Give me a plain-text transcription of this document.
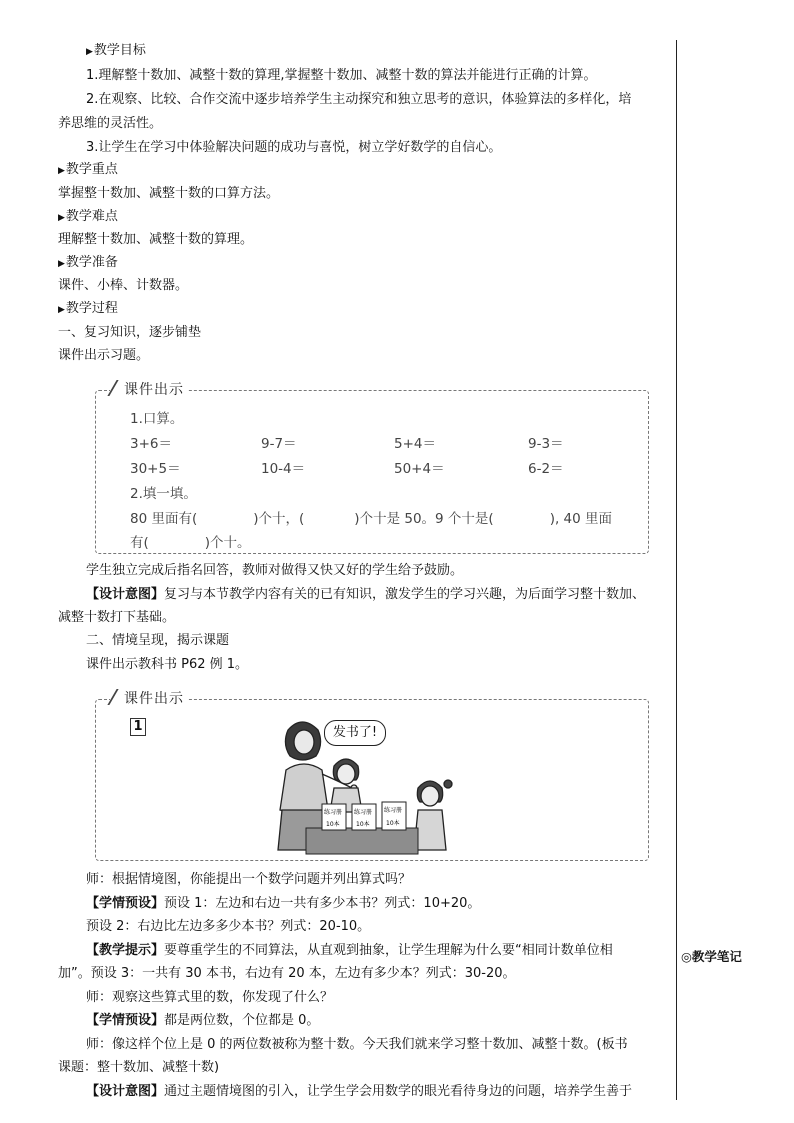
◎教学笔记
▶教学目标
1.理解整十数加、减整十数的算理,掌握整十数加、减整十数的算法并能进行正确的计算。
2.在观察、比较、合作交流中逐步培养学生主动探究和独立思考的意识，体验算法的多样化，培
养思维的灵活性。
3.让学生在学习中体验解决问题的成功与喜悦，树立学好数学的自信心。
▶教学重点
掌握整十数加、减整十数的口算方法。
▶教学难点
理解整十数加、减整十数的算理。
▶教学准备
课件、小棒、计数器。
▶教学过程
一、复习知识，逐步铺垫
课件出示习题。
课件出示
1.口算。
3+6＝	9-7＝	5+4＝	9-3＝
30+5＝	10-4＝	50+4＝	6-2＝
2.填一填。
80 里面有(	)个十，(	)个十是 50。9 个十是(	), 40 里面
有(	)个十。
学生独立完成后指名回答，教师对做得又快又好的学生给予鼓励。
【设计意图】复习与本节教学内容有关的已有知识，激发学生的学习兴趣，为后面学习整十数加、
减整十数打下基础。
二、情境呈现，揭示课题
课件出示教科书 P62 例 1。
课件出示
1
练习册
10本
练习册
10本
练习册
10本
发书了!
师：根据情境图，你能提出一个数学问题并列出算式吗？
【学情预设】预设 1：左边和右边一共有多少本书？列式：10+20。
预设 2：右边比左边多多少本书？列式：20-10。
【教学提示】要尊重学生的不同算法，从直观到抽象，让学生理解为什么要“相同计数单位相
加”。预设 3：一共有 30 本书，右边有 20 本，左边有多少本？列式：30-20。
师：观察这些算式里的数，你发现了什么？
【学情预设】都是两位数，个位都是 0。
师：像这样个位上是 0 的两位数被称为整十数。今天我们就来学习整十数加、减整十数。(板书
课题：整十数加、减整十数)
【设计意图】通过主题情境图的引入，让学生学会用数学的眼光看待身边的问题，培养学生善于
